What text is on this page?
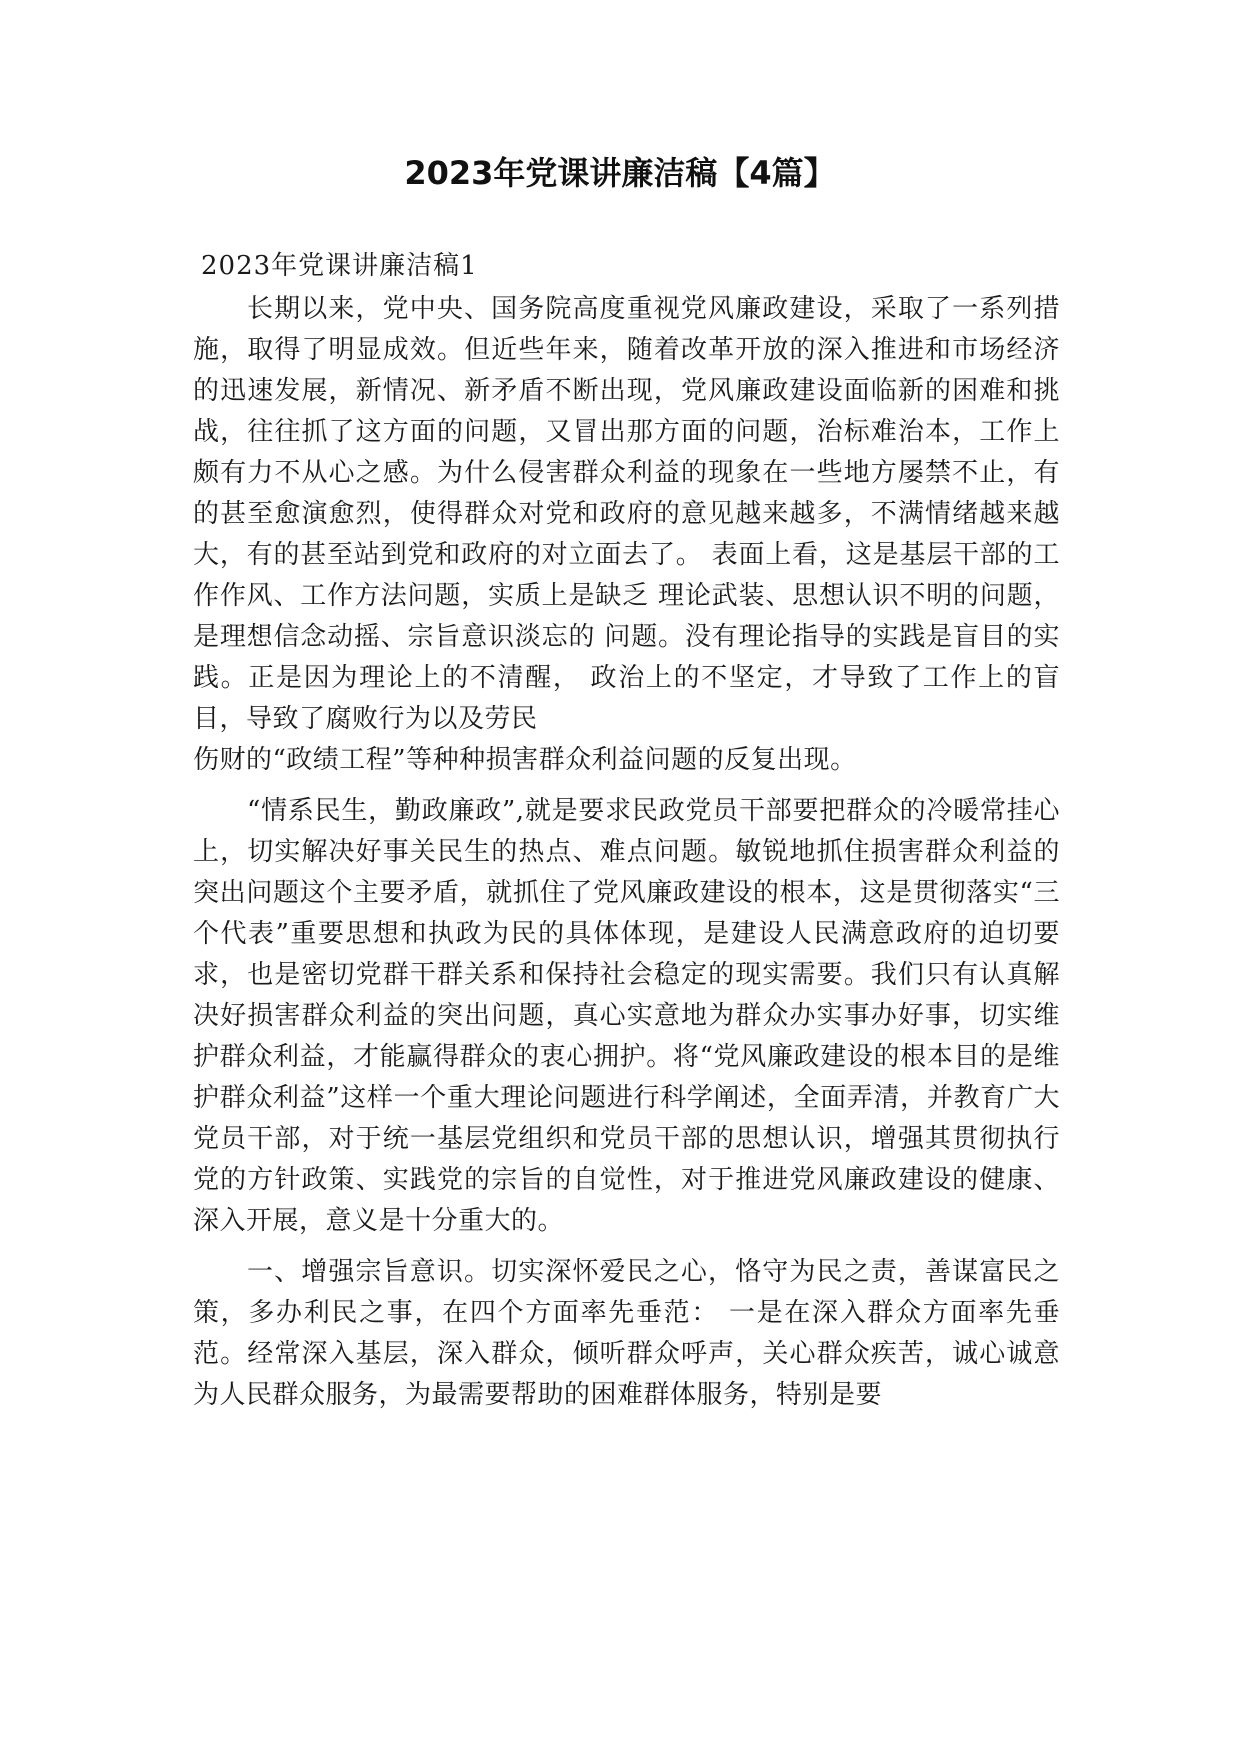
2023年党课讲廉洁稿【4篇】
2023年党课讲廉洁稿1

长期以来，党中央、国务院高度重视党风廉政建设，采取了一系列措施，取得了明显成效。但近些年来，随着改革开放的深入推进和市场经济的迅速发展，新情况、新矛盾不断出现，党风廉政建设面临新的困难和挑战，往往抓了这方面的问题，又冒出那方面的问题，治标难治本，工作上颇有力不从心之感。为什么侵害群众利益的现象在一些地方屡禁不止，有的甚至愈演愈烈，使得群众对党和政府的意见越来越多，不满情绪越来越大，有的甚至站到党和政府的对立面去了。 表面上看，这是基层干部的工作作风、工作方法问题，实质上是缺乏 理论武装、思想认识不明的问题，是理想信念动摇、宗旨意识淡忘的 问题。没有理论指导的实践是盲目的实践。正是因为理论上的不清醒， 政治上的不坚定，才导致了工作上的盲目，导致了腐败行为以及劳民

伤财的“政绩工程”等种种损害群众利益问题的反复出现。

“情系民生，勤政廉政”,就是要求民政党员干部要把群众的冷暖常挂心上，切实解决好事关民生的热点、难点问题。敏锐地抓住损害群众利益的突出问题这个主要矛盾，就抓住了党风廉政建设的根本，这是贯彻落实“三个代表”重要思想和执政为民的具体体现，是建设人民满意政府的迫切要求，也是密切党群干群关系和保持社会稳定的现实需要。我们只有认真解决好损害群众利益的突出问题，真心实意地为群众办实事办好事，切实维护群众利益，才能赢得群众的衷心拥护。将“党风廉政建设的根本目的是维护群众利益”这样一个重大理论问题进行科学阐述，全面弄清，并教育广大党员干部，对于统一基层党组织和党员干部的思想认识，增强其贯彻执行党的方针政策、实践党的宗旨的自觉性，对于推进党风廉政建设的健康、深入开展，意义是十分重大的。

一、增强宗旨意识。切实深怀爱民之心，恪守为民之责，善谋富民之策，多办利民之事，在四个方面率先垂范： 一是在深入群众方面率先垂范。经常深入基层，深入群众，倾听群众呼声，关心群众疾苦，诚心诚意为人民群众服务，为最需要帮助的困难群体服务，特别是要
